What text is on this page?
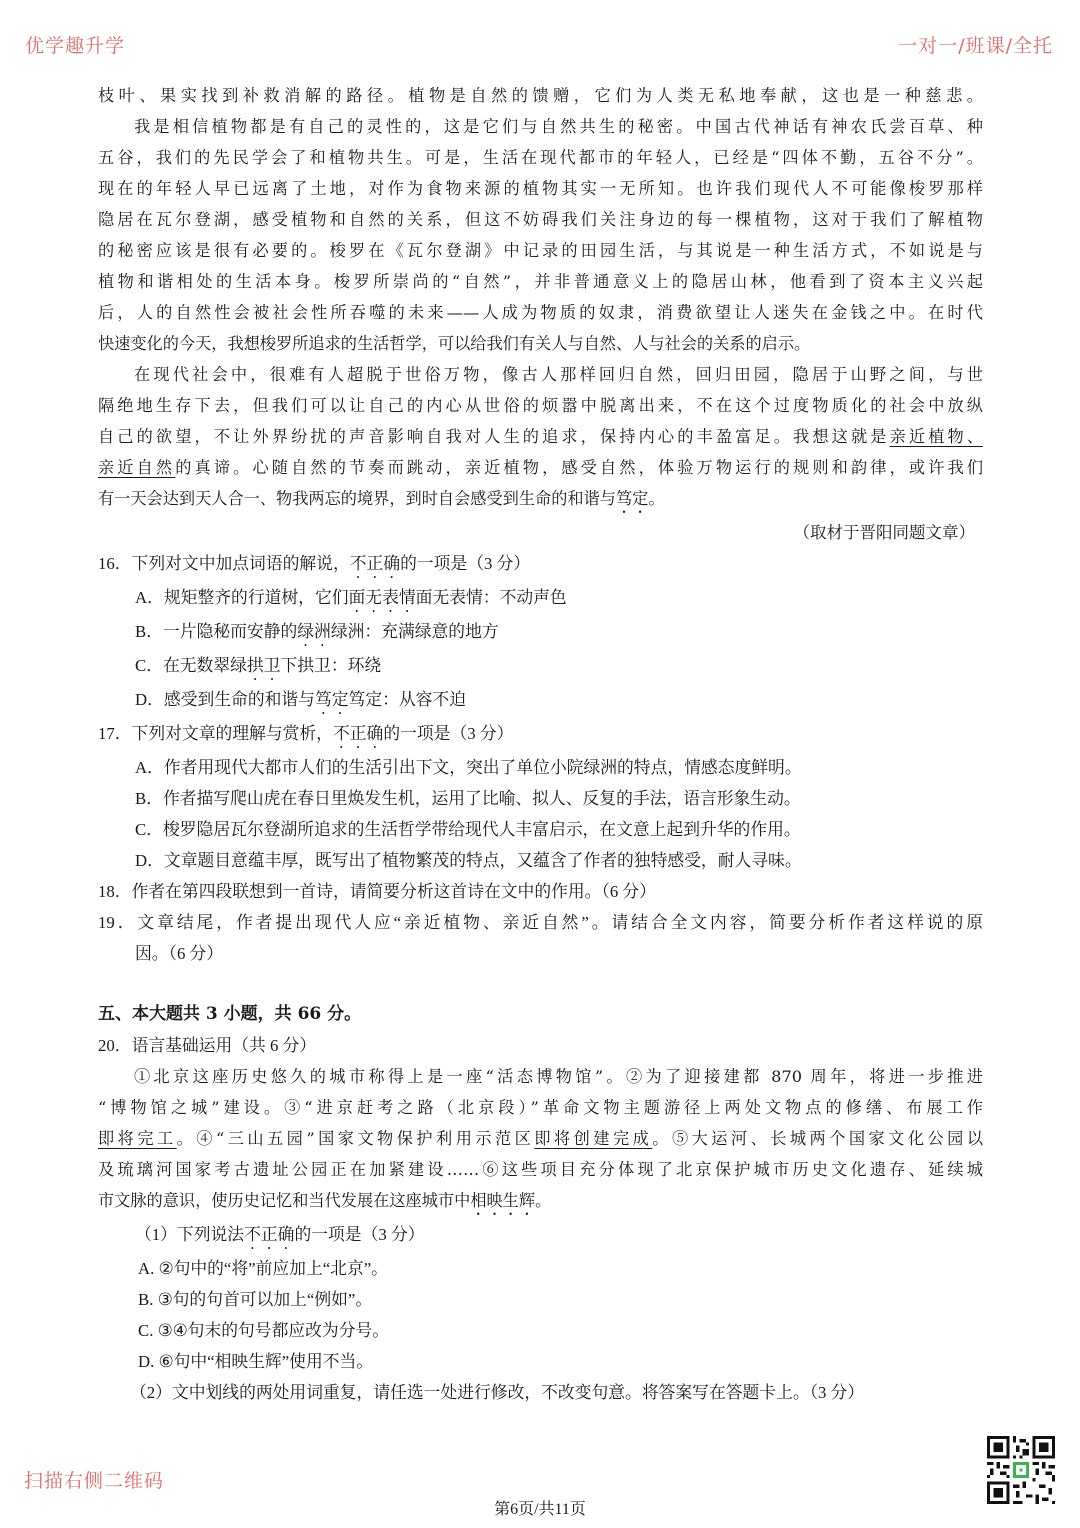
优学趣升学	一对一/班课/全托
枝叶、果实找到补救消解的路径。植物是自然的馈赠，它们为人类无私地奉献，这也是一种慈悲。
我是相信植物都是有自己的灵性的，这是它们与自然共生的秘密。中国古代神话有神农氏尝百草、种
五谷，我们的先民学会了和植物共生。可是，生活在现代都市的年轻人，已经是“四体不勤，五谷不分”。
现在的年轻人早已远离了土地，对作为食物来源的植物其实一无所知。也许我们现代人不可能像梭罗那样
隐居在瓦尔登湖，感受植物和自然的关系，但这不妨碍我们关注身边的每一棵植物，这对于我们了解植物
的秘密应该是很有必要的。梭罗在《瓦尔登湖》中记录的田园生活，与其说是一种生活方式，不如说是与
植物和谐相处的生活本身。梭罗所崇尚的“自然”，并非普通意义上的隐居山林，他看到了资本主义兴起
后，人的自然性会被社会性所吞噬的未来——人成为物质的奴隶，消费欲望让人迷失在金钱之中。在时代
快速变化的今天，我想梭罗所追求的生活哲学，可以给我们有关人与自然、人与社会的关系的启示。
在现代社会中，很难有人超脱于世俗万物，像古人那样回归自然，回归田园，隐居于山野之间，与世
隔绝地生存下去，但我们可以让自己的内心从世俗的烦嚣中脱离出来，不在这个过度物质化的社会中放纵
自己的欲望，不让外界纷扰的声音影响自我对人生的追求，保持内心的丰盈富足。我想这就是亲近植物、
亲近自然的真谛。心随自然的节奏而跳动，亲近植物，感受自然，体验万物运行的规则和韵律，或许我们
有一天会达到天人合一、物我两忘的境界，到时自会感受到生命的和谐与笃定。
（取材于晋阳同题文章）
16．下列对文中加点词语的解说，不正确的一项是（3 分）
A．规矩整齐的行道树，它们面无表情面无表情：不动声色
B．一片隐秘而安静的绿洲绿洲：充满绿意的地方
C．在无数翠绿拱卫下拱卫：环绕
D．感受到生命的和谐与笃定笃定：从容不迫
17．下列对文章的理解与赏析，不正确的一项是（3 分）
A．作者用现代大都市人们的生活引出下文，突出了单位小院绿洲的特点，情感态度鲜明。
B．作者描写爬山虎在春日里焕发生机，运用了比喻、拟人、反复的手法，语言形象生动。
C．梭罗隐居瓦尔登湖所追求的生活哲学带给现代人丰富启示，在文意上起到升华的作用。
D．文章题目意蕴丰厚，既写出了植物繁茂的特点，又蕴含了作者的独特感受，耐人寻味。
18．作者在第四段联想到一首诗，请简要分析这首诗在文中的作用。（6 分）
19．文章结尾，作者提出现代人应“亲近植物、亲近自然”。请结合全文内容，简要分析作者这样说的原
因。（6 分）
五、本大题共 3 小题，共 66 分。
20．语言基础运用（共 6 分）
①北京这座历史悠久的城市称得上是一座“活态博物馆”。②为了迎接建都 870 周年，将进一步推进
“博物馆之城”建设。③“进京赶考之路（北京段）”革命文物主题游径上两处文物点的修缮、布展工作
即将完工。④“三山五园”国家文物保护利用示范区即将创建完成。⑤大运河、长城两个国家文化公园以
及琉璃河国家考古遗址公园正在加紧建设……⑥这些项目充分体现了北京保护城市历史文化遗存、延续城
市文脉的意识，使历史记忆和当代发展在这座城市中相映生辉。
（1）下列说法不正确的一项是（3 分）
A. ②句中的“将”前应加上“北京”。
B. ③句的句首可以加上“例如”。
C. ③④句末的句号都应改为分号。
D. ⑥句中“相映生辉”使用不当。
（2）文中划线的两处用词重复，请任选一处进行修改，不改变句意。将答案写在答题卡上。（3 分）
扫描右侧二维码
第6页/共11页
